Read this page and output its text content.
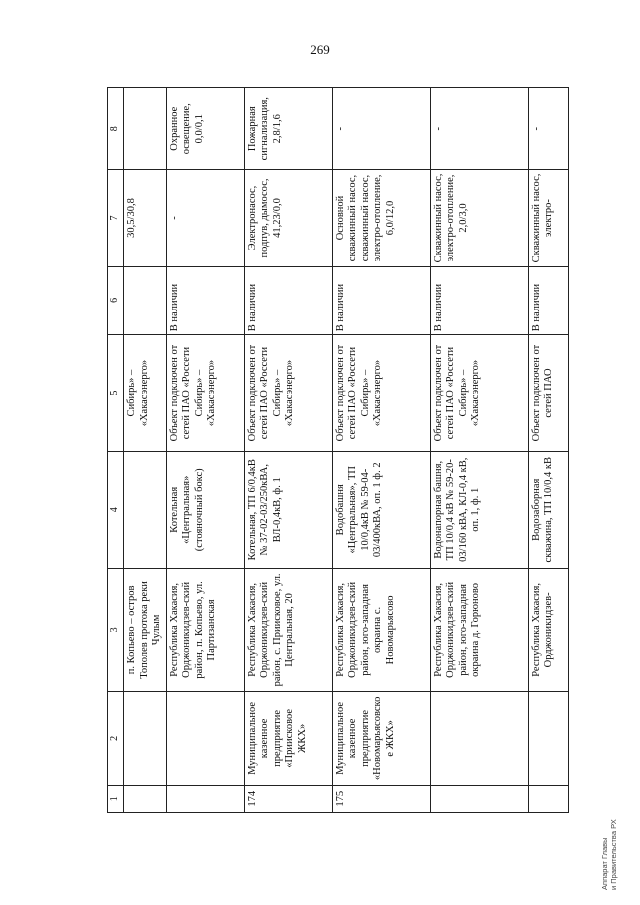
269
1	2	3	4	5	6	7	8
		п. Копьево – остров Тополев протока реки Чулым		Сибирь» – «Хакасэнерго»		30,5/30,8	
		Республика Хакасия, Орджоникидзев-ский район, п. Копьево, ул. Партизанская	Котельная «Центральная» (стояночный бокс)	Объект подключен от сетей ПАО «Россети Сибирь» – «Хакасэнерго»	В наличии	-	Охранное освещение, 0,0/0,1
174	Муниципальное казенное предприятие «Приисковое ЖКХ»	Республика Хакасия, Орджоникидзев-ский район, с. Приисковое, ул. Центральная, 20	Котельная, ТП 6/0,4кВ № 37-02-03/250кВА, ВЛ-0,4кВ, ф. 1	Объект подключен от сетей ПАО «Россети Сибирь» – «Хакасэнерго»	В наличии	Электронасос, подпув, дымосос, 41,23/0,0	Пожарная сигнализация, 2,8/1,6
175	Муниципальное казенное предприятие «Новомарьясовское ЖКХ»	Республика Хакасия, Орджоникидзев-ский район, юго-западная окраина с. Новомарьясово	Водобашня «Центральная», ТП 10/0,4кВ № 59-04-03/400кВА, оп. 1 ф. 2	Объект подключен от сетей ПАО «Россети Сибирь» – «Хакасэнерго»	В наличии	Основной скважинный насос, скважинный насос, электро-отопление, 6,0/12,0	-
		Республика Хакасия, Орджоникидзев-ский район, юго-западная окраина д. Горюново	Водонапорная башня, ТП 10/0,4 кВ № 59-20-03/160 кВА, КЛ-0,4 кВ, оп. 1, ф. 1	Объект подключен от сетей ПАО «Россети Сибирь» – «Хакасэнерго»	В наличии	Скважинный насос, электро-отопление, 2,0/3,0	-
		Республика Хакасия, Орджоникидзев-	Водозаборная скважина, ТП 10/0,4 кВ	Объект подключен от сетей ПАО	В наличии	Скважинный насос, электро-	-
Аппарат Главы и Правительства РХ
